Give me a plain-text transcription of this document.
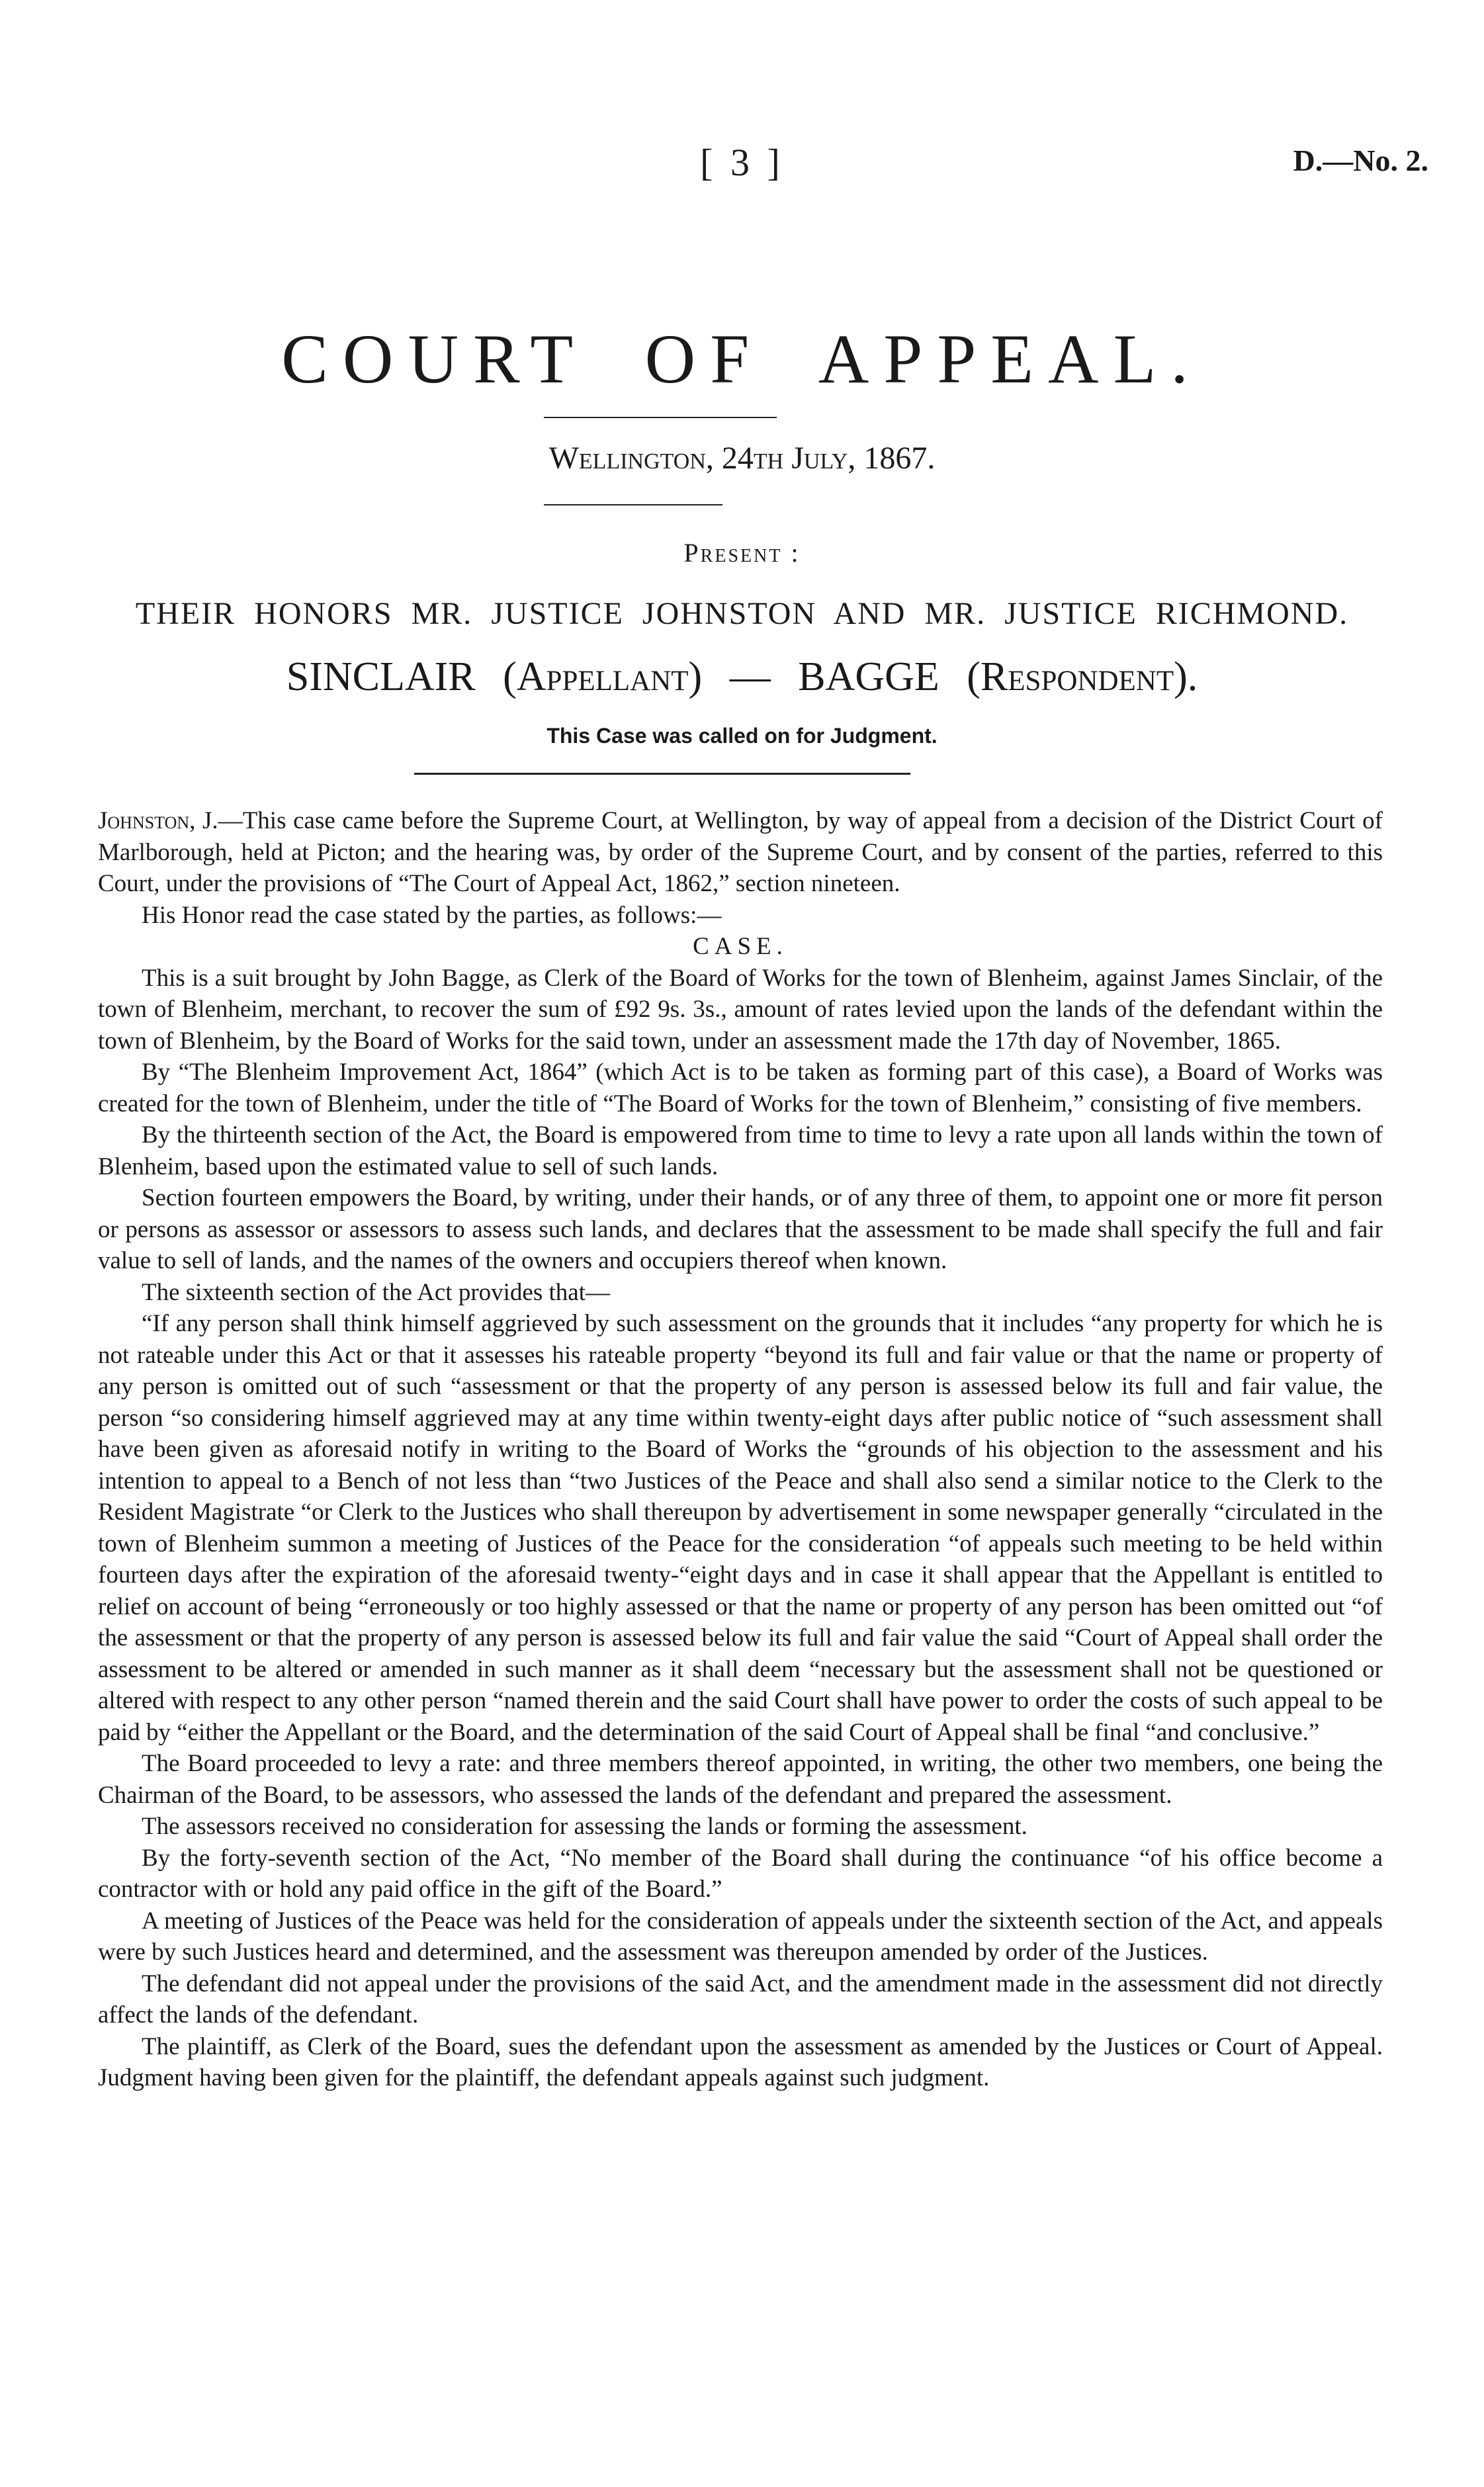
[ 3 ]	D.—No. 2.
COURT OF APPEAL.
Wellington, 24th July, 1867.
Present :
THEIR HONORS MR. JUSTICE JOHNSTON AND MR. JUSTICE RICHMOND.
SINCLAIR (Appellant) — BAGGE (Respondent).
This Case was called on for Judgment.

Johnston, J.—This case came before the Supreme Court, at Wellington, by way of appeal from a decision of the District Court of Marlborough, held at Picton; and the hearing was, by order of the Supreme Court, and by consent of the parties, referred to this Court, under the provisions of “The Court of Appeal Act, 1862,” section nineteen.

His Honor read the case stated by the parties, as follows:—

CASE.

This is a suit brought by John Bagge, as Clerk of the Board of Works for the town of Blenheim, against James Sinclair, of the town of Blenheim, merchant, to recover the sum of £92 9s. 3s., amount of rates levied upon the lands of the defendant within the town of Blenheim, by the Board of Works for the said town, under an assessment made the 17th day of November, 1865.

By “The Blenheim Improvement Act, 1864” (which Act is to be taken as forming part of this case), a Board of Works was created for the town of Blenheim, under the title of “The Board of Works for the town of Blenheim,” consisting of five members.

By the thirteenth section of the Act, the Board is empowered from time to time to levy a rate upon all lands within the town of Blenheim, based upon the estimated value to sell of such lands.

Section fourteen empowers the Board, by writing, under their hands, or of any three of them, to appoint one or more fit person or persons as assessor or assessors to assess such lands, and declares that the assessment to be made shall specify the full and fair value to sell of lands, and the names of the owners and occupiers thereof when known.

The sixteenth section of the Act provides that—

“If any person shall think himself aggrieved by such assessment on the grounds that it includes “any property for which he is not rateable under this Act or that it assesses his rateable property “beyond its full and fair value or that the name or property of any person is omitted out of such “assessment or that the property of any person is assessed below its full and fair value, the person “so considering himself aggrieved may at any time within twenty-eight days after public notice of “such assessment shall have been given as aforesaid notify in writing to the Board of Works the “grounds of his objection to the assessment and his intention to appeal to a Bench of not less than “two Justices of the Peace and shall also send a similar notice to the Clerk to the Resident Magistrate “or Clerk to the Justices who shall thereupon by advertisement in some newspaper generally “circulated in the town of Blenheim summon a meeting of Justices of the Peace for the consideration “of appeals such meeting to be held within fourteen days after the expiration of the aforesaid twenty-“eight days and in case it shall appear that the Appellant is entitled to relief on account of being “erroneously or too highly assessed or that the name or property of any person has been omitted out “of the assessment or that the property of any person is assessed below its full and fair value the said “Court of Appeal shall order the assessment to be altered or amended in such manner as it shall deem “necessary but the assessment shall not be questioned or altered with respect to any other person “named therein and the said Court shall have power to order the costs of such appeal to be paid by “either the Appellant or the Board, and the determination of the said Court of Appeal shall be final “and conclusive.”

The Board proceeded to levy a rate: and three members thereof appointed, in writing, the other two members, one being the Chairman of the Board, to be assessors, who assessed the lands of the defendant and prepared the assessment.

The assessors received no consideration for assessing the lands or forming the assessment.

By the forty-seventh section of the Act, “No member of the Board shall during the continuance “of his office become a contractor with or hold any paid office in the gift of the Board.”

A meeting of Justices of the Peace was held for the consideration of appeals under the sixteenth section of the Act, and appeals were by such Justices heard and determined, and the assessment was thereupon amended by order of the Justices.

The defendant did not appeal under the provisions of the said Act, and the amendment made in the assessment did not directly affect the lands of the defendant.

The plaintiff, as Clerk of the Board, sues the defendant upon the assessment as amended by the Justices or Court of Appeal. Judgment having been given for the plaintiff, the defendant appeals against such judgment.
